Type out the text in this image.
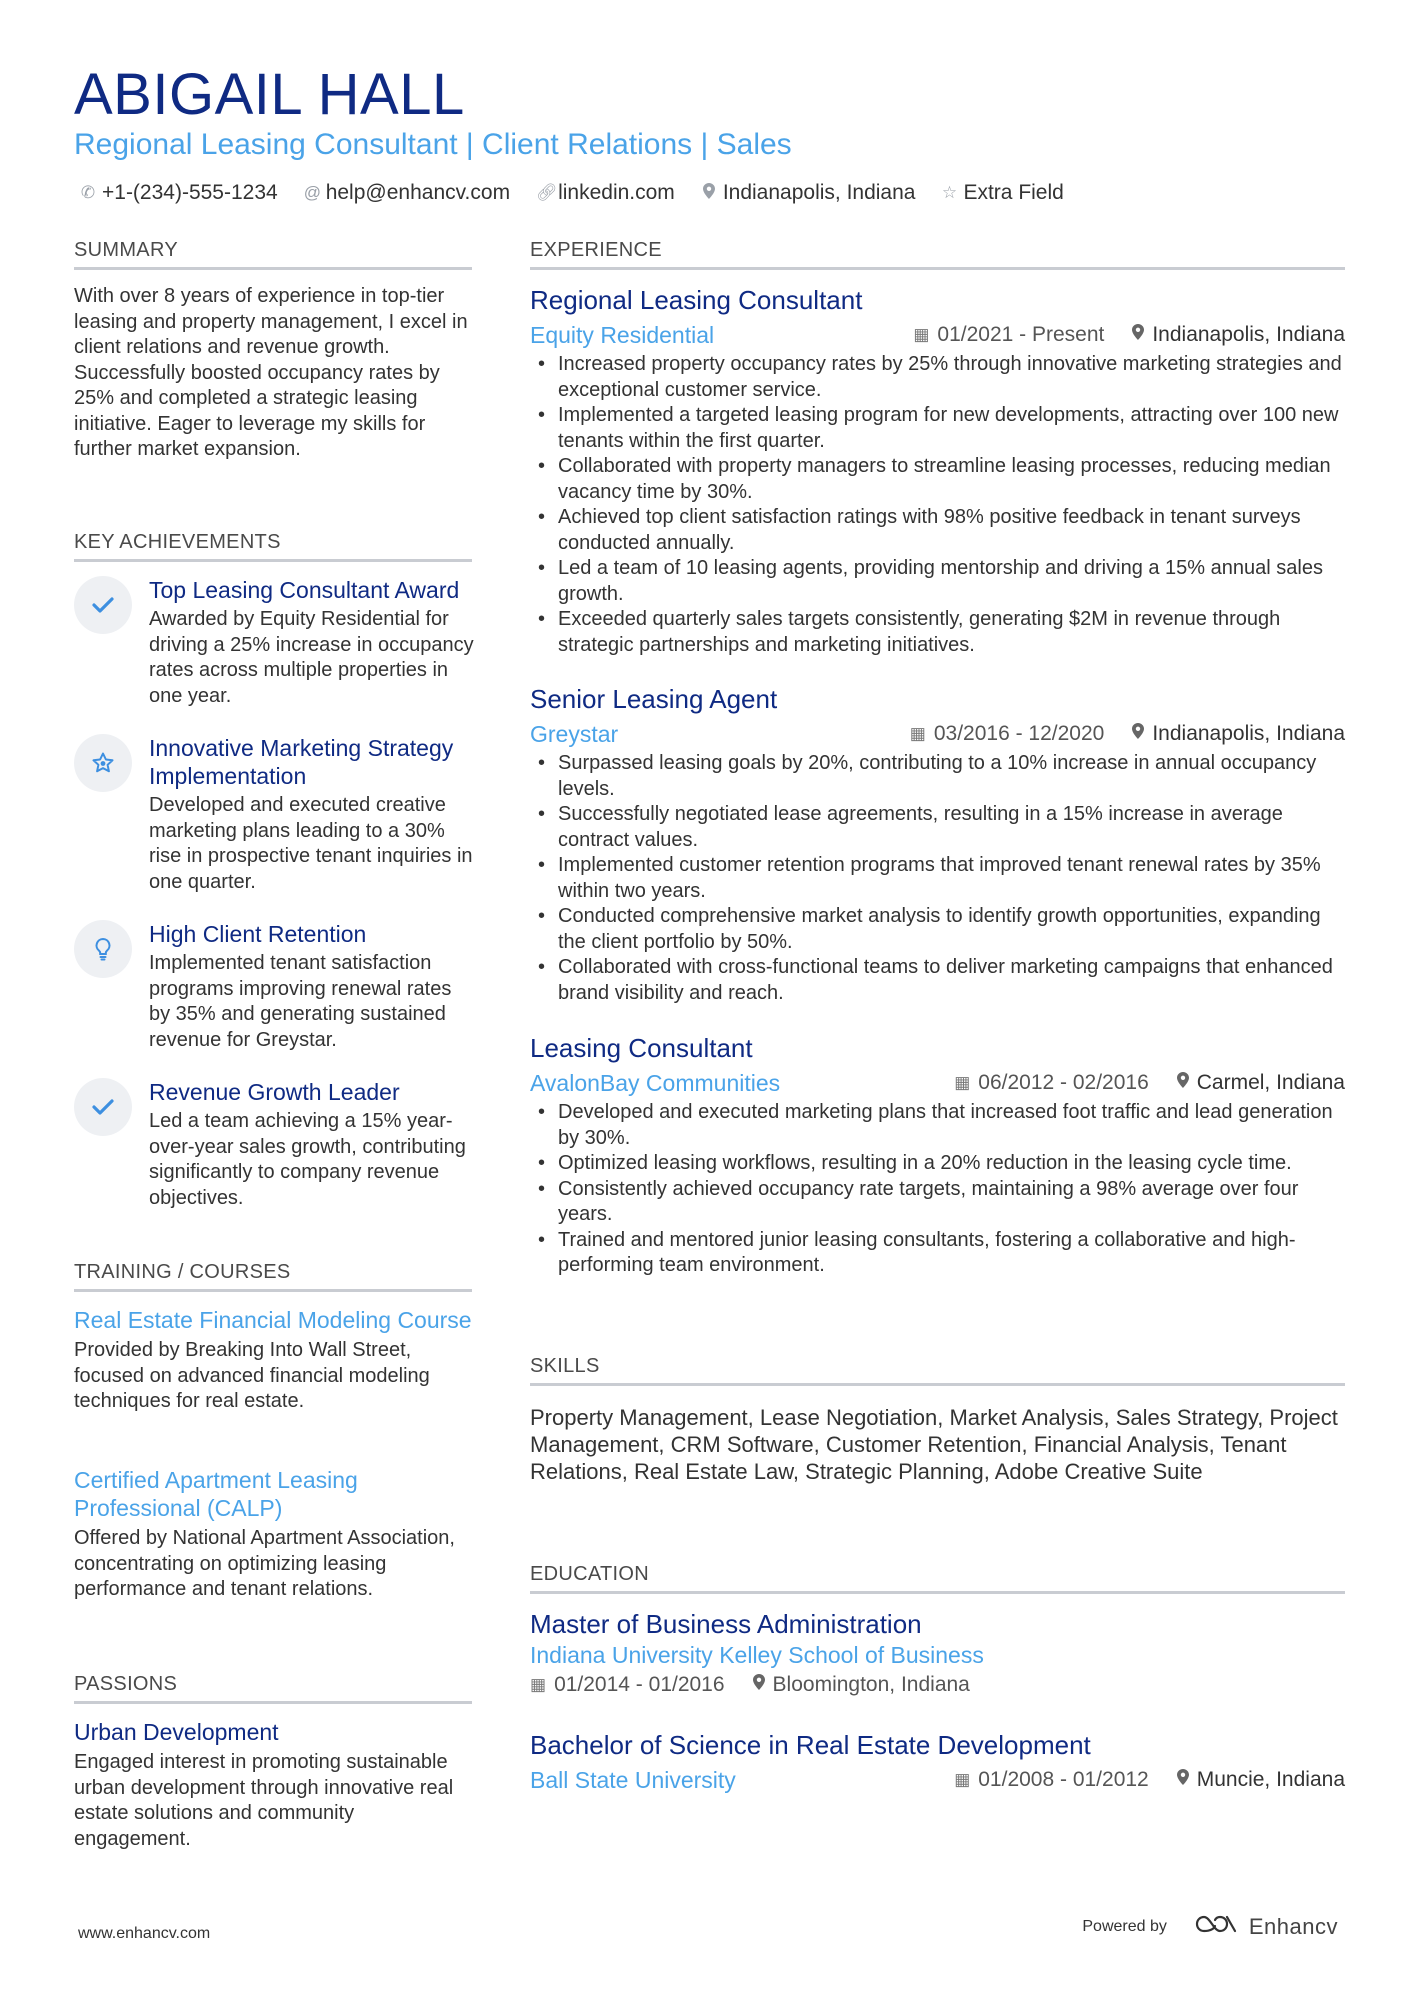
ABIGAIL HALL
Regional Leasing Consultant | Client Relations | Sales
✆ +1-(234)-555-1234 @ help@enhancv.com 🔗︎ linkedin.com Indianapolis, Indiana ☆ Extra Field
SUMMARY
With over 8 years of experience in top-tier leasing and property management, I excel in client relations and revenue growth. Successfully boosted occupancy rates by 25% and completed a strategic leasing initiative. Eager to leverage my skills for further market expansion.
KEY ACHIEVEMENTS
Top Leasing Consultant Award
Awarded by Equity Residential for driving a 25% increase in occupancy rates across multiple properties in one year.
Innovative Marketing Strategy Implementation
Developed and executed creative marketing plans leading to a 30% rise in prospective tenant inquiries in one quarter.
High Client Retention
Implemented tenant satisfaction programs improving renewal rates by 35% and generating sustained revenue for Greystar.
Revenue Growth Leader
Led a team achieving a 15% year-over-year sales growth, contributing significantly to company revenue objectives.
TRAINING / COURSES
Real Estate Financial Modeling Course
Provided by Breaking Into Wall Street, focused on advanced financial modeling techniques for real estate.
Certified Apartment Leasing Professional (CALP)
Offered by National Apartment Association, concentrating on optimizing leasing performance and tenant relations.
PASSIONS
Urban Development
Engaged interest in promoting sustainable urban development through innovative real estate solutions and community engagement.
EXPERIENCE
Regional Leasing Consultant
Equity Residential	▦ 01/2021 - Present Indianapolis, Indiana
• Increased property occupancy rates by 25% through innovative marketing strategies and exceptional customer service.
• Implemented a targeted leasing program for new developments, attracting over 100 new tenants within the first quarter.
• Collaborated with property managers to streamline leasing processes, reducing median vacancy time by 30%.
• Achieved top client satisfaction ratings with 98% positive feedback in tenant surveys conducted annually.
• Led a team of 10 leasing agents, providing mentorship and driving a 15% annual sales growth.
• Exceeded quarterly sales targets consistently, generating $2M in revenue through strategic partnerships and marketing initiatives.
Senior Leasing Agent
Greystar	▦ 03/2016 - 12/2020 Indianapolis, Indiana
• Surpassed leasing goals by 20%, contributing to a 10% increase in annual occupancy levels.
• Successfully negotiated lease agreements, resulting in a 15% increase in average contract values.
• Implemented customer retention programs that improved tenant renewal rates by 35% within two years.
• Conducted comprehensive market analysis to identify growth opportunities, expanding the client portfolio by 50%.
• Collaborated with cross-functional teams to deliver marketing campaigns that enhanced brand visibility and reach.
Leasing Consultant
AvalonBay Communities	▦ 06/2012 - 02/2016 Carmel, Indiana
• Developed and executed marketing plans that increased foot traffic and lead generation by 30%.
• Optimized leasing workflows, resulting in a 20% reduction in the leasing cycle time.
• Consistently achieved occupancy rate targets, maintaining a 98% average over four years.
• Trained and mentored junior leasing consultants, fostering a collaborative and high-performing team environment.
SKILLS
Property Management, Lease Negotiation, Market Analysis, Sales Strategy, Project Management, CRM Software, Customer Retention, Financial Analysis, Tenant Relations, Real Estate Law, Strategic Planning, Adobe Creative Suite
EDUCATION
Master of Business Administration
Indiana University Kelley School of Business
▦ 01/2014 - 01/2016 Bloomington, Indiana
Bachelor of Science in Real Estate Development
Ball State University	▦ 01/2008 - 01/2012 Muncie, Indiana
www.enhancv.com	Powered by	Enhancv
